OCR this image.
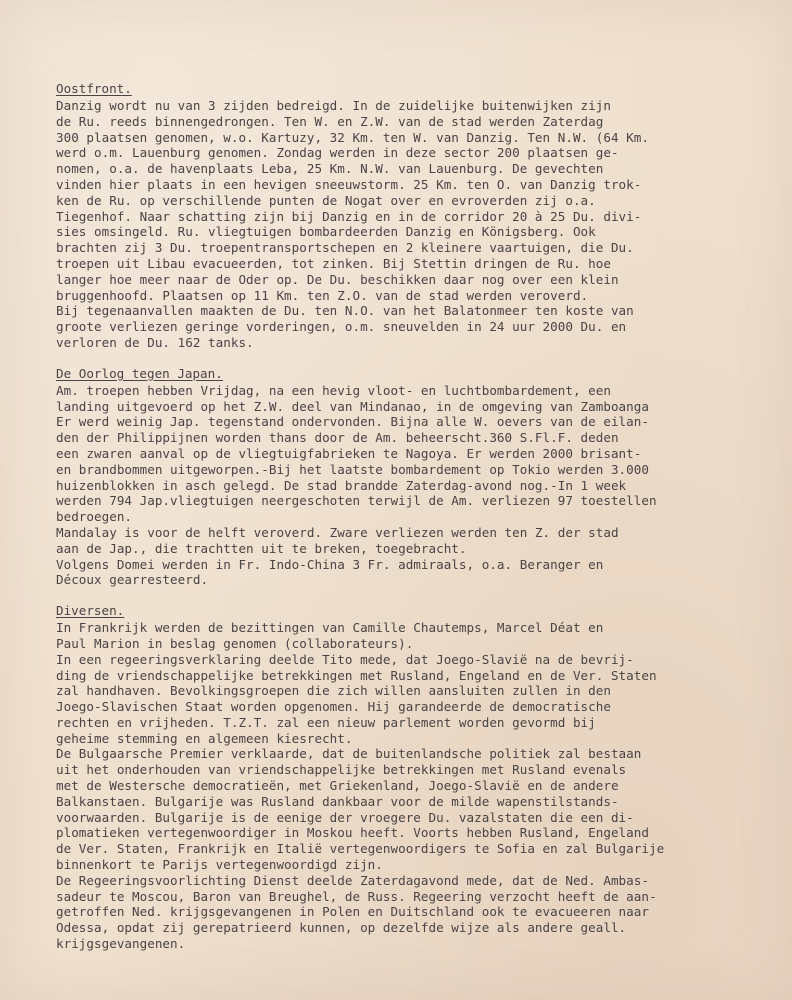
Oostfront.
Danzig wordt nu van 3 zijden bedreigd. In de zuidelijke buitenwijken zijn
de Ru. reeds binnengedrongen. Ten W. en Z.W. van de stad werden Zaterdag
300 plaatsen genomen, w.o. Kartuzy, 32 Km. ten W. van Danzig. Ten N.W. (64 Km.
werd o.m. Lauenburg genomen. Zondag werden in deze sector 200 plaatsen ge-
nomen, o.a. de havenplaats Leba, 25 Km. N.W. van Lauenburg. De gevechten
vinden hier plaats in een hevigen sneeuwstorm. 25 Km. ten O. van Danzig trok-
ken de Ru. op verschillende punten de Nogat over en evroverden zij o.a.
Tiegenhof. Naar schatting zijn bij Danzig en in de corridor 20 à 25 Du. divi-
sies omsingeld. Ru. vliegtuigen bombardeerden Danzig en Königsberg. Ook
brachten zij 3 Du. troepentransportschepen en 2 kleinere vaartuigen, die Du.
troepen uit Libau evacueerden, tot zinken. Bij Stettin dringen de Ru. hoe
langer hoe meer naar de Oder op. De Du. beschikken daar nog over een klein
bruggenhoofd. Plaatsen op 11 Km. ten Z.O. van de stad werden veroverd.
Bij tegenaanvallen maakten de Du. ten N.O. van het Balatonmeer ten koste van
groote verliezen geringe vorderingen, o.m. sneuvelden in 24 uur 2000 Du. en
verloren de Du. 162 tanks.
De Oorlog tegen Japan.
Am. troepen hebben Vrijdag, na een hevig vloot- en luchtbombardement, een
landing uitgevoerd op het Z.W. deel van Mindanao, in de omgeving van Zamboanga
Er werd weinig Jap. tegenstand ondervonden. Bijna alle W. oevers van de eilan-
den der Philippijnen worden thans door de Am. beheerscht.360 S.Fl.F. deden
een zwaren aanval op de vliegtuigfabrieken te Nagoya. Er werden 2000 brisant-
en brandbommen uitgeworpen.-Bij het laatste bombardement op Tokio werden 3.000
huizenblokken in asch gelegd. De stad brandde Zaterdag-avond nog.-In 1 week
werden 794 Jap.vliegtuigen neergeschoten terwijl de Am. verliezen 97 toestellen
bedroegen.
Mandalay is voor de helft veroverd. Zware verliezen werden ten Z. der stad
aan de Jap., die trachtten uit te breken, toegebracht.
Volgens Domei werden in Fr. Indo-China 3 Fr. admiraals, o.a. Beranger en
Découx gearresteerd.
Diversen.
In Frankrijk werden de bezittingen van Camille Chautemps, Marcel Déat en
Paul Marion in beslag genomen (collaborateurs).
In een regeeringsverklaring deelde Tito mede, dat Joego-Slavië na de bevrij-
ding de vriendschappelijke betrekkingen met Rusland, Engeland en de Ver. Staten
zal handhaven. Bevolkingsgroepen die zich willen aansluiten zullen in den
Joego-Slavischen Staat worden opgenomen. Hij garandeerde de democratische
rechten en vrijheden. T.Z.T. zal een nieuw parlement worden gevormd bij
geheime stemming en algemeen kiesrecht.
De Bulgaarsche Premier verklaarde, dat de buitenlandsche politiek zal bestaan
uit het onderhouden van vriendschappelijke betrekkingen met Rusland evenals
met de Westersche democratieën, met Griekenland, Joego-Slavië en de andere
Balkanstaen. Bulgarije was Rusland dankbaar voor de milde wapenstilstands-
voorwaarden. Bulgarije is de eenige der vroegere Du. vazalstaten die een di-
plomatieken vertegenwoordiger in Moskou heeft. Voorts hebben Rusland, Engeland
de Ver. Staten, Frankrijk en Italië vertegenwoordigers te Sofia en zal Bulgarije
binnenkort te Parijs vertegenwoordigd zijn.
De Regeeringsvoorlichting Dienst deelde Zaterdagavond mede, dat de Ned. Ambas-
sadeur te Moscou, Baron van Breughel, de Russ. Regeering verzocht heeft de aan-
getroffen Ned. krijgsgevangenen in Polen en Duitschland ook te evacueeren naar
Odessa, opdat zij gerepatrieerd kunnen, op dezelfde wijze als andere geall.
krijgsgevangenen.
